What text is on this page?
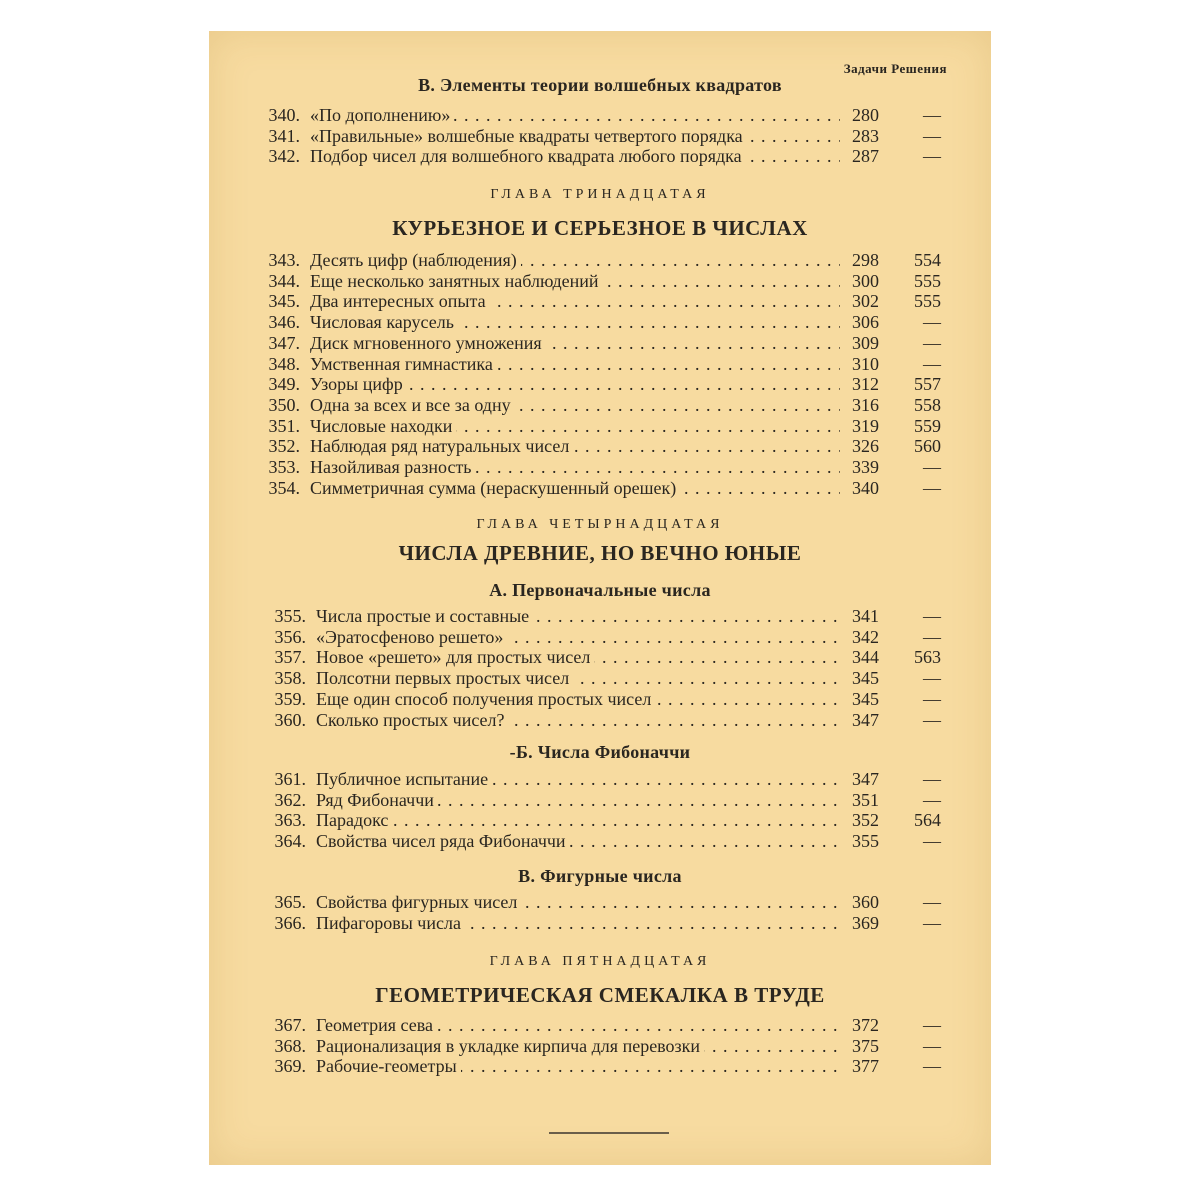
Задачи Решения
В. Элементы теории волшебных квадратов
340. «По дополнению» . . .	280	—
341. «Правильные» волшебные квадраты четвертого порядка . . .	283	—
342. Подбор чисел для волшебного квадрата любого порядка . . .	287	—
ГЛАВА ТРИНАДЦАТАЯ
КУРЬЕЗНОЕ И СЕРЬЕЗНОЕ В ЧИСЛАХ
343. Десять цифр (наблюдения) . . .	298	554
344. Еще несколько занятных наблюдений . . .	300	555
345. Два интересных опыта . . .	302	555
346. Числовая карусель . . .	306	—
347. Диск мгновенного умножения . . .	309	—
348. Умственная гимнастика . . .	310	—
349. Узоры цифр . . .	312	557
350. Одна за всех и все за одну . . .	316	558
351. Числовые находки . . .	319	559
352. Наблюдая ряд натуральных чисел . . .	326	560
353. Назойливая разность . . .	339	—
354. Симметричная сумма (нераскушенный орешек) . . .	340	—
ГЛАВА ЧЕТЫРНАДЦАТАЯ
ЧИСЛА ДРЕВНИЕ, НО ВЕЧНО ЮНЫЕ
А. Первоначальные числа
355. Числа простые и составные . . .	341	—
356. «Эратосфеново решето» . . .	342	—
357. Новое «решето» для простых чисел . . .	344	563
358. Полсотни первых простых чисел . . .	345	—
359. Еще один способ получения простых чисел . . .	345	—
360. Сколько простых чисел? . . .	347	—
-Б. Числа Фибоначчи
361. Публичное испытание . . .	347	—
362. Ряд Фибоначчи . . .	351	—
363. Парадокс . . .	352	564
364. Свойства чисел ряда Фибоначчи . . .	355	—
В. Фигурные числа
365. Свойства фигурных чисел . . .	360	—
366. Пифагоровы числа . . .	369	—
ГЛАВА ПЯТНАДЦАТАЯ
ГЕОМЕТРИЧЕСКАЯ СМЕКАЛКА В ТРУДЕ
367. Геометрия сева . . .	372	—
368. Рационализация в укладке кирпича для перевозки . . .	375	—
369. Рабочие-геометры . . .	377	—
